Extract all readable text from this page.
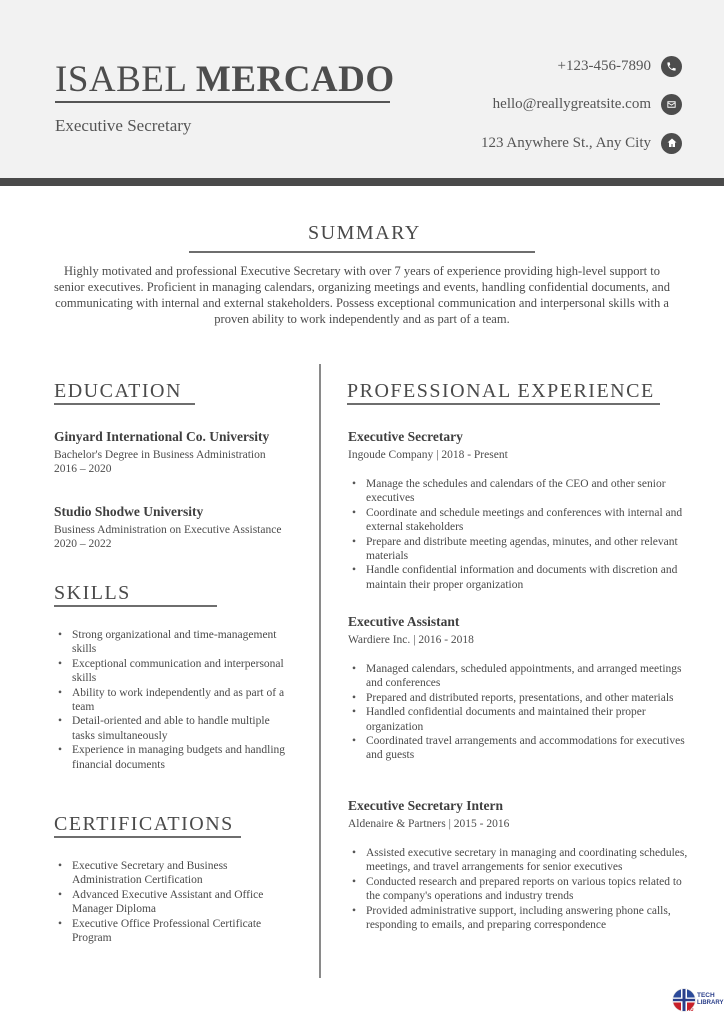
ISABEL MERCADO
Executive Secretary
+123-456-7890
hello@reallygreatsite.com
123 Anywhere St., Any City
SUMMARY
Highly motivated and professional Executive Secretary with over 7 years of experience providing high-level support to senior executives. Proficient in managing calendars, organizing meetings and events, handling confidential documents, and communicating with internal and external stakeholders. Possess exceptional communication and interpersonal skills with a proven ability to work independently and as part of a team.
EDUCATION
Ginyard International Co. University
Bachelor's Degree in Business Administration
2016 – 2020
Studio Shodwe University
Business Administration on Executive Assistance
2020 – 2022
SKILLS
• Strong organizational and time-management skills
• Exceptional communication and interpersonal skills
• Ability to work independently and as part of a team
• Detail-oriented and able to handle multiple tasks simultaneously
• Experience in managing budgets and handling financial documents
CERTIFICATIONS
• Executive Secretary and Business Administration Certification
• Advanced Executive Assistant and Office Manager Diploma
• Executive Office Professional Certificate Program
PROFESSIONAL EXPERIENCE
Executive Secretary
Ingoude Company | 2018 - Present
• Manage the schedules and calendars of the CEO and other senior executives
• Coordinate and schedule meetings and conferences with internal and external stakeholders
• Prepare and distribute meeting agendas, minutes, and other relevant materials
• Handle confidential information and documents with discretion and maintain their proper organization
Executive Assistant
Wardiere Inc. | 2016 - 2018
• Managed calendars, scheduled appointments, and arranged meetings and conferences
• Prepared and distributed reports, presentations, and other materials
• Handled confidential documents and maintained their proper organization
• Coordinated travel arrangements and accommodations for executives and guests
Executive Secretary Intern
Aldenaire & Partners | 2015 - 2016
• Assisted executive secretary in managing and coordinating schedules, meetings, and travel arrangements for senior executives
• Conducted research and prepared reports on various topics related to the company's operations and industry trends
• Provided administrative support, including answering phone calls, responding to emails, and preparing correspondence
TECH
LIBRARY
HU
